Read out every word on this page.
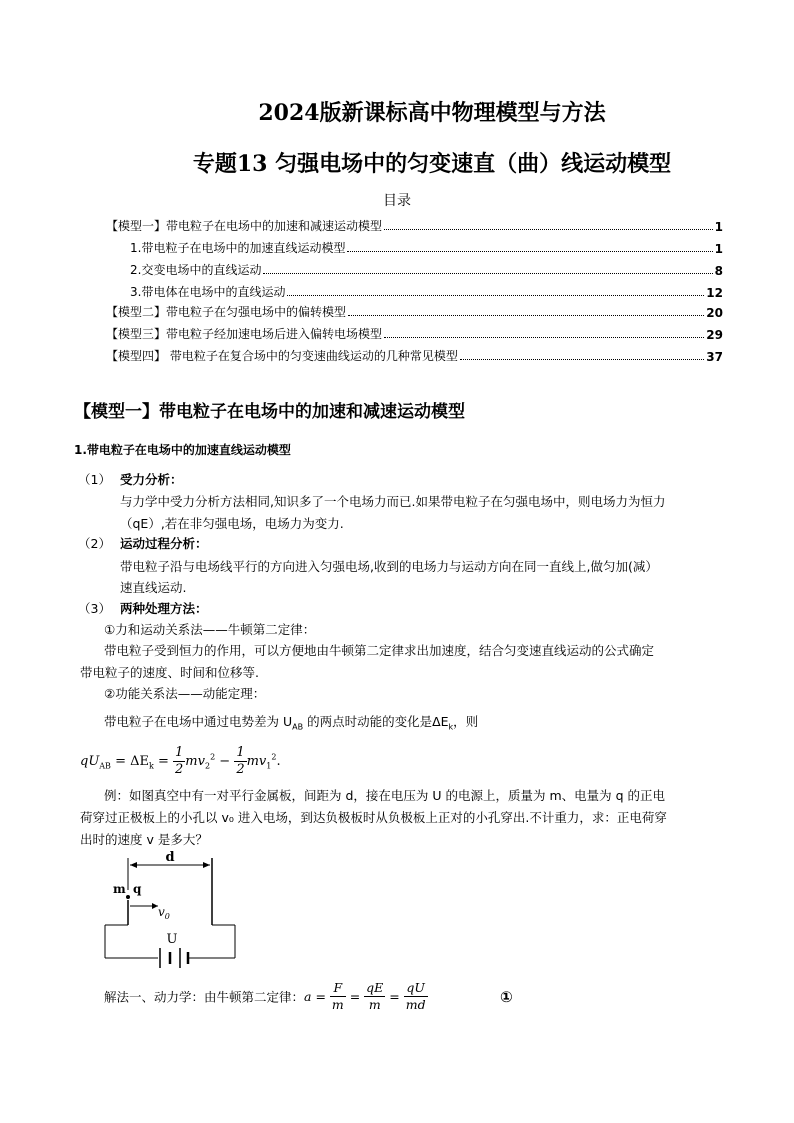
2024版新课标高中物理模型与方法
专题13 匀强电场中的匀变速直（曲）线运动模型
目录
【模型一】带电粒子在电场中的加速和减速运动模型	1
1.带电粒子在电场中的加速直线运动模型	1
2.交变电场中的直线运动	8
3.带电体在电场中的直线运动	12
【模型二】带电粒子在匀强电场中的偏转模型	20
【模型三】带电粒子经加速电场后进入偏转电场模型	29
【模型四】 带电粒子在复合场中的匀变速曲线运动的几种常见模型	37
【模型一】带电粒子在电场中的加速和减速运动模型
1.带电粒子在电场中的加速直线运动模型
（1） 受力分析：
与力学中受力分析方法相同,知识多了一个电场力而已.如果带电粒子在匀强电场中，则电场力为恒力
（qE）,若在非匀强电场，电场力为变力.
（2） 运动过程分析：
带电粒子沿与电场线平行的方向进入匀强电场,收到的电场力与运动方向在同一直线上,做匀加(减）
速直线运动.
（3） 两种处理方法：
①力和运动关系法——牛顿第二定律：
带电粒子受到恒力的作用，可以方便地由牛顿第二定律求出加速度，结合匀变速直线运动的公式确定
带电粒子的速度、时间和位移等.
②功能关系法——动能定理：
带电粒子在电场中通过电势差为 $U_{AB}$ 的两点时动能的变化是$\Delta E_k$，则
$qU_{AB} = \Delta E_k = \frac{1}{2} mv_2^2 - \frac{1}{2} mv_1^2$.
例：如图真空中有一对平行金属板，间距为 d，接在电压为 U 的电源上，质量为 m、电量为 q 的正电
荷穿过正极板上的小孔以 v₀ 进入电场，到达负极板时从负极板上正对的小孔穿出.不计重力，求：正电荷穿
出时的速度 v 是多大？
d
m q
$v_0$
U
解法一、动力学：由牛顿第二定律：$a = \frac{F}{m} = \frac{qE}{m} = \frac{qU}{md}$	①
